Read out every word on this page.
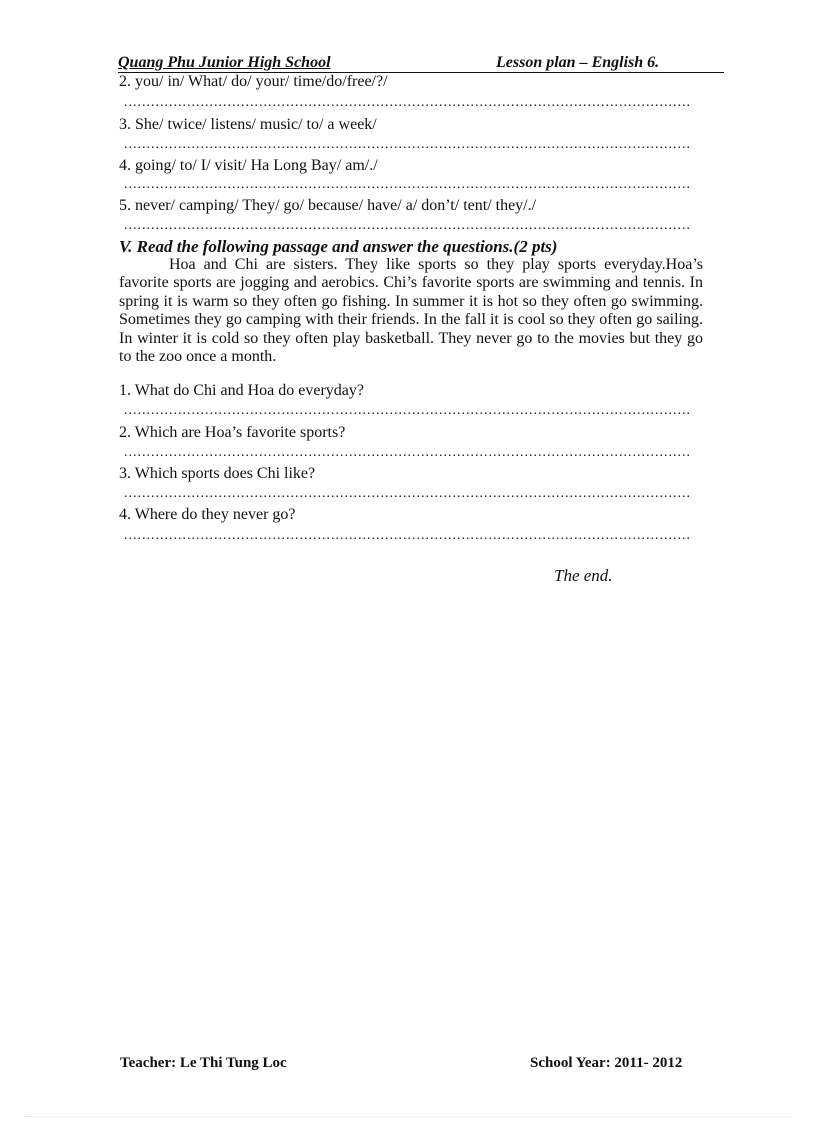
Quang Phu Junior High School	Lesson plan – English 6.
2. you/ in/ What/ do/ your/ time/do/free/?/
.....
3. She/ twice/ listens/ music/ to/ a week/
.....
4. going/ to/ I/ visit/ Ha Long Bay/ am/./
.....
5. never/ camping/ They/ go/ because/ have/ a/ don’t/ tent/ they/./
.....
V. Read the following passage and answer the questions.(2 pts)

Hoa and Chi are sisters. They like sports so they play sports everyday.Hoa’s favorite sports are jogging and aerobics. Chi’s favorite sports are swimming and tennis. In spring it is warm so they often go fishing. In summer it is hot so they often go swimming. Sometimes they go camping with their friends. In the fall it is cool so they often go sailing. In winter it is cold so they often play basketball. They never go to the movies but they go to the zoo once a month.

1. What do Chi and Hoa do everyday?
.....
2. Which are Hoa’s favorite sports?
.....
3. Which sports does Chi like?
.....
4. Where do they never go?
.....
The end.
Teacher: Le Thi Tung Loc	School Year: 2011- 2012
